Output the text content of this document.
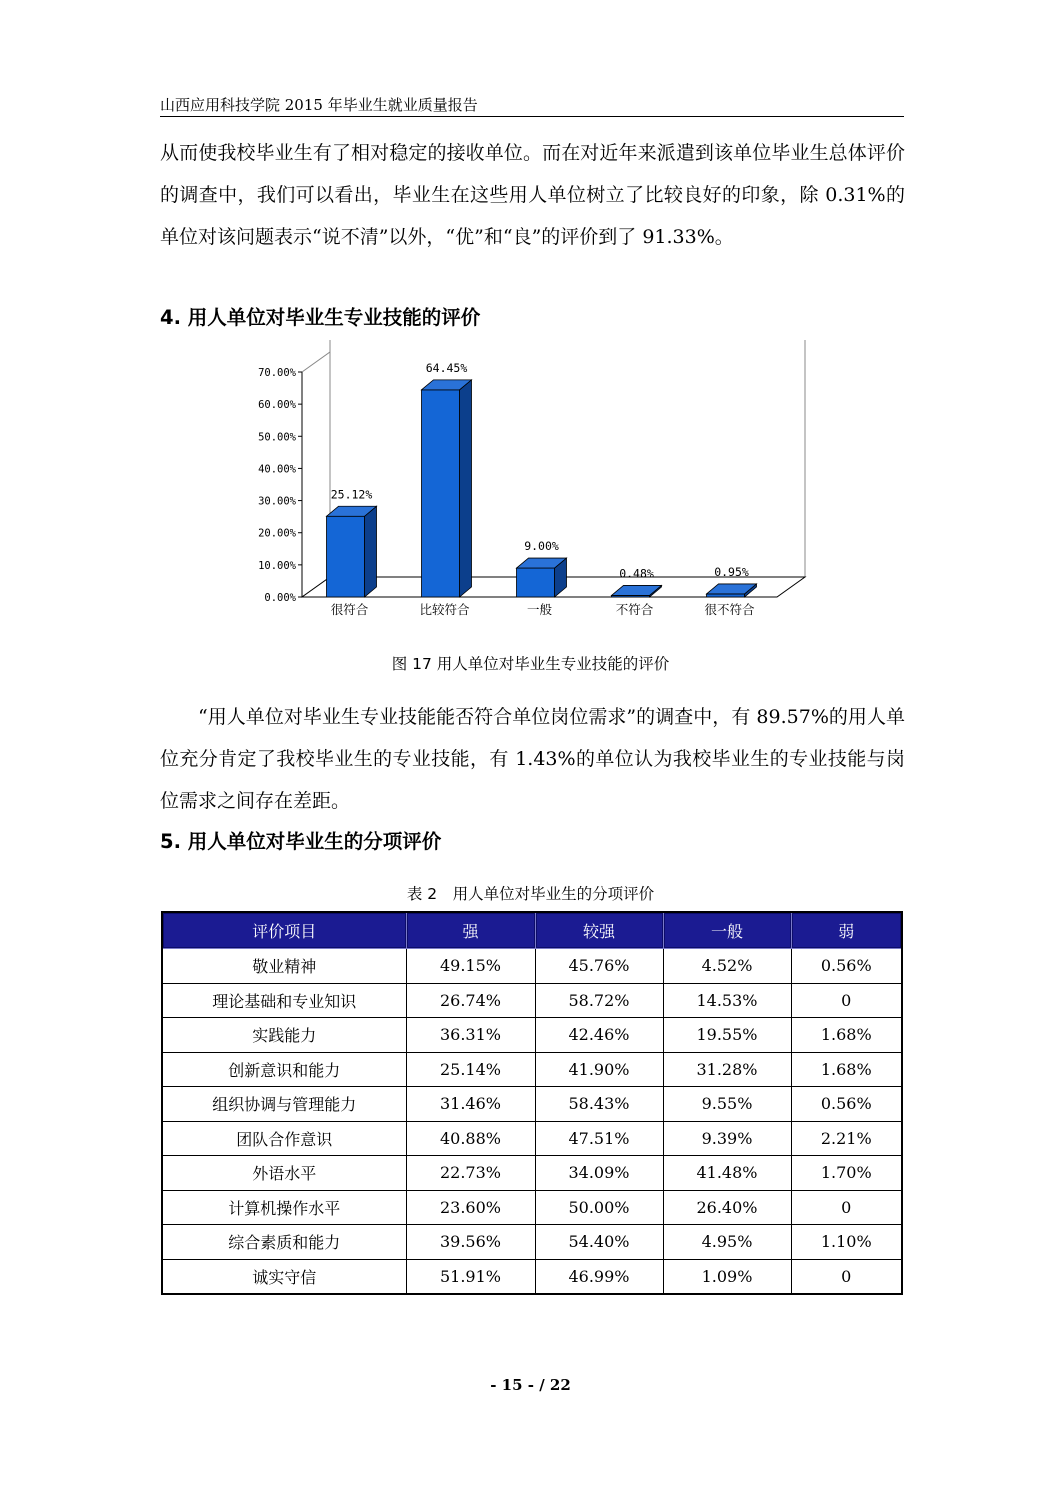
山西应用科技学院 2015 年毕业生就业质量报告

从而使我校毕业生有了相对稳定的接收单位。而在对近年来派遣到该单位毕业生总体评价的调查中，我们可以看出，毕业生在这些用人单位树立了比较良好的印象，除 0.31%的单位对该问题表示“说不清”以外，“优”和“良”的评价到了 91.33%。

4. 用人单位对毕业生专业技能的评价
0.00%
10.00%
20.00%
30.00%
40.00%
50.00%
60.00%
70.00%
25.12%
很符合
64.45%
比较符合
9.00%
一般
0.48%
不符合
0.95%
很不符合
图 17 用人单位对毕业生专业技能的评价

“用人单位对毕业生专业技能能否符合单位岗位需求”的调查中，有 89.57%的用人单位充分肯定了我校毕业生的专业技能，有 1.43%的单位认为我校毕业生的专业技能与岗位需求之间存在差距。

5. 用人单位对毕业生的分项评价
表 2　用人单位对毕业生的分项评价
评价项目	强	较强	一般	弱
敬业精神	49.15%	45.76%	4.52%	0.56%
理论基础和专业知识	26.74%	58.72%	14.53%	0
实践能力	36.31%	42.46%	19.55%	1.68%
创新意识和能力	25.14%	41.90%	31.28%	1.68%
组织协调与管理能力	31.46%	58.43%	9.55%	0.56%
团队合作意识	40.88%	47.51%	9.39%	2.21%
外语水平	22.73%	34.09%	41.48%	1.70%
计算机操作水平	23.60%	50.00%	26.40%	0
综合素质和能力	39.56%	54.40%	4.95%	1.10%
诚实守信	51.91%	46.99%	1.09%	0
- 15 - / 22
